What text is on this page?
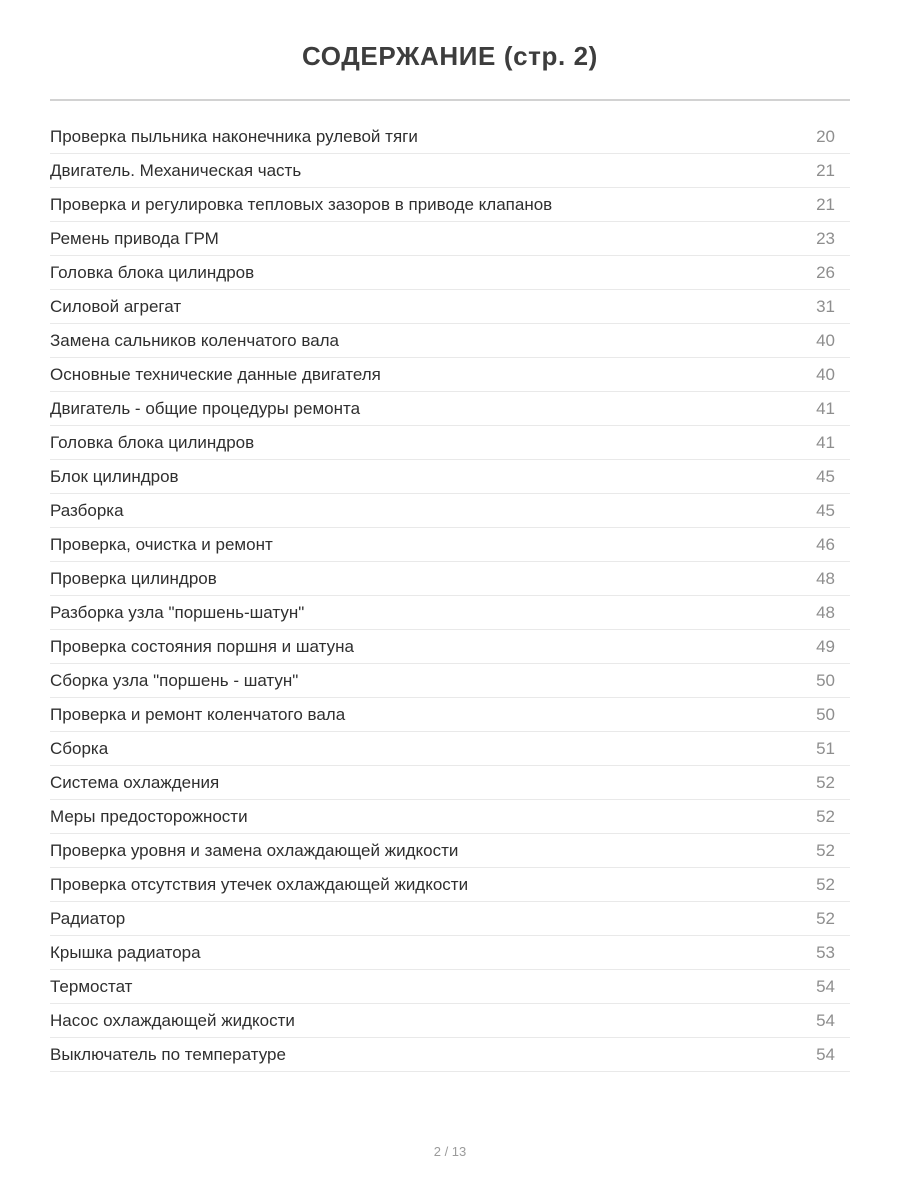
СОДЕРЖАНИЕ (стр. 2)
Проверка пыльника наконечника рулевой тяги	20
Двигатель. Механическая часть	21
Проверка и регулировка тепловых зазоров в приводе клапанов	21
Ремень привода ГРМ	23
Головка блока цилиндров	26
Силовой агрегат	31
Замена сальников коленчатого вала	40
Основные технические данные двигателя	40
Двигатель - общие процедуры ремонта	41
Головка блока цилиндров	41
Блок цилиндров	45
Разборка	45
Проверка, очистка и ремонт	46
Проверка цилиндров	48
Разборка узла "поршень-шатун"	48
Проверка состояния поршня и шатуна	49
Сборка узла "поршень - шатун"	50
Проверка и ремонт коленчатого вала	50
Сборка	51
Система охлаждения	52
Меры предосторожности	52
Проверка уровня и замена охлаждающей жидкости	52
Проверка отсутствия утечек охлаждающей жидкости	52
Радиатор	52
Крышка радиатора	53
Термостат	54
Насос охлаждающей жидкости	54
Выключатель по температуре	54
2 / 13
